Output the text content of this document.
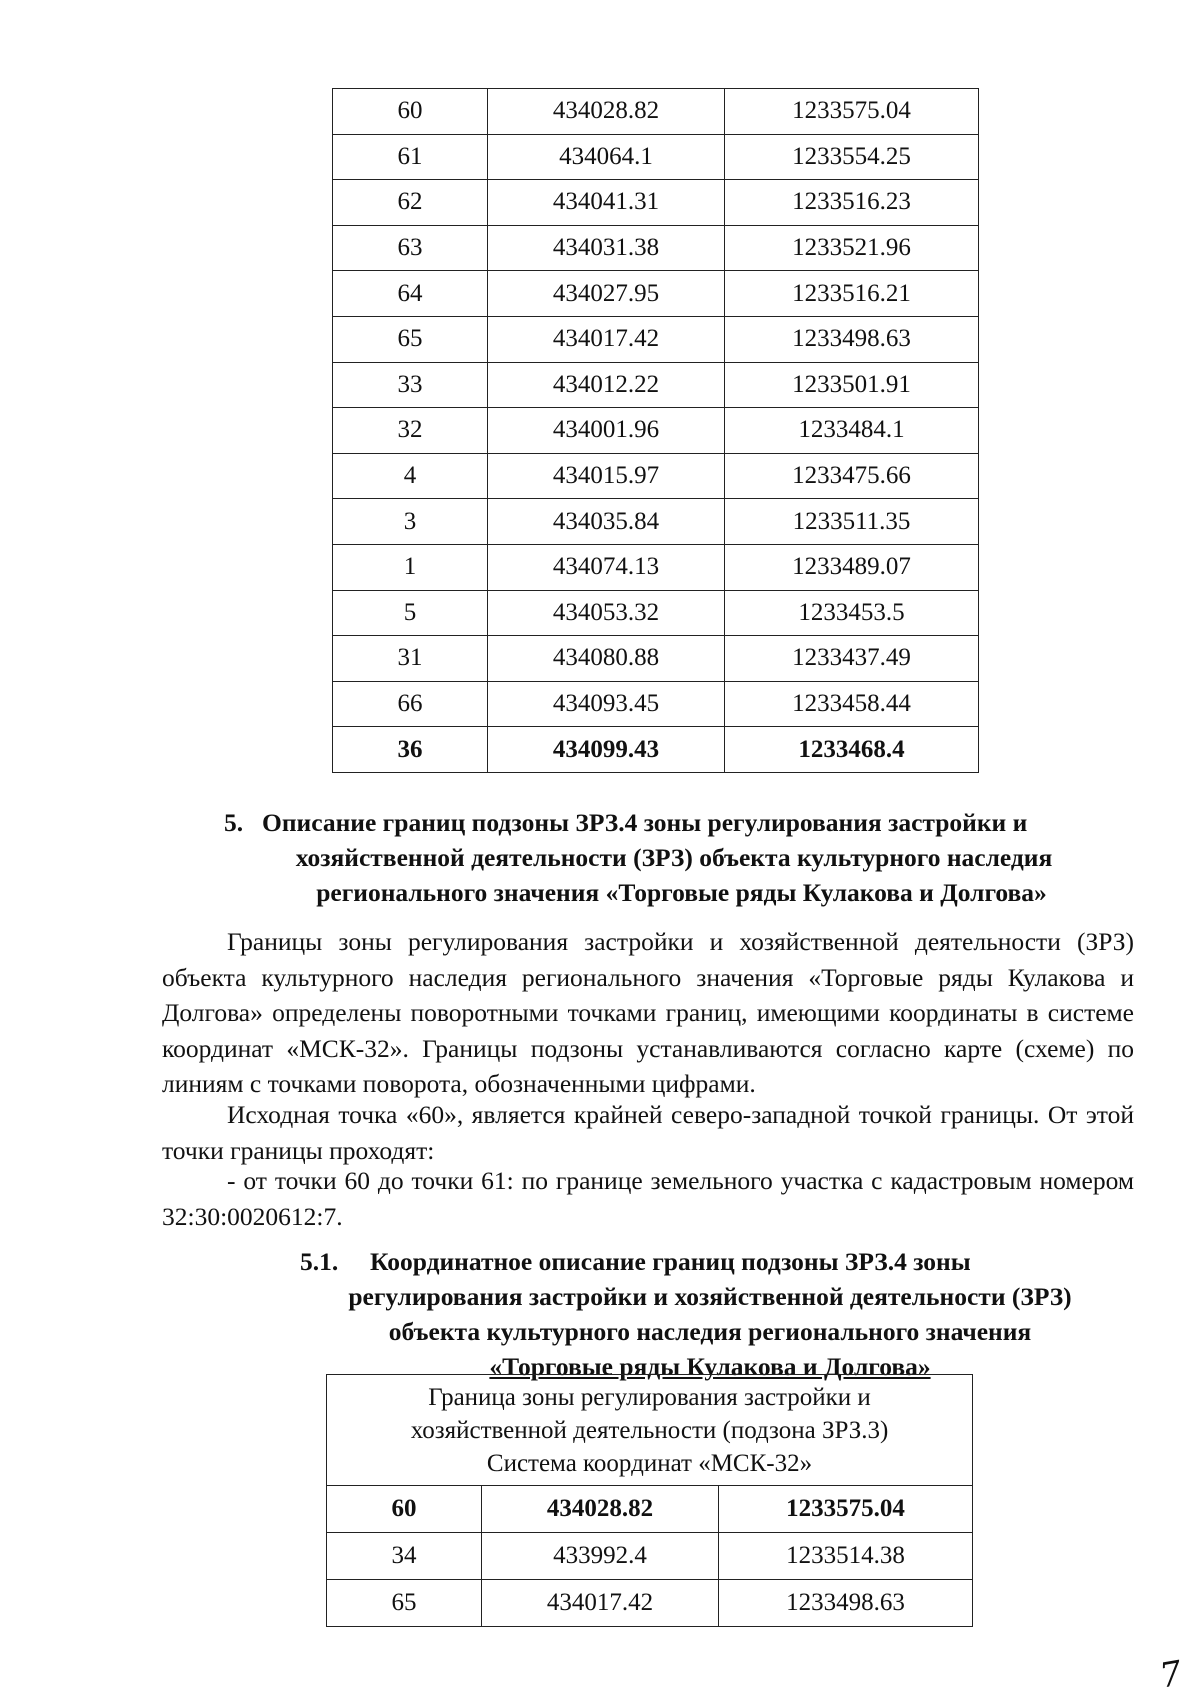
60	434028.82	1233575.04
61	434064.1	1233554.25
62	434041.31	1233516.23
63	434031.38	1233521.96
64	434027.95	1233516.21
65	434017.42	1233498.63
33	434012.22	1233501.91
32	434001.96	1233484.1
4	434015.97	1233475.66
3	434035.84	1233511.35
1	434074.13	1233489.07
5	434053.32	1233453.5
31	434080.88	1233437.49
66	434093.45	1233458.44
36	434099.43	1233468.4
5. Описание границ подзоны ЗРЗ.4 зоны регулирования застройки и
хозяйственной деятельности (ЗРЗ) объекта культурного наследия
регионального значения «Торговые ряды Кулакова и Долгова»
Границы зоны регулирования застройки и хозяйственной деятельности (ЗРЗ) объекта культурного наследия регионального значения «Торговые ряды Кулакова и Долгова» определены поворотными точками границ, имеющими координаты в системе координат «МСК-32». Границы подзоны устанавливаются согласно карте (схеме) по линиям с точками поворота, обозначенными цифрами.
Исходная точка «60», является крайней северо-западной точкой границы. От этой точки границы проходят:
- от точки 60 до точки 61: по границе земельного участка с кадастровым номером 32:30:0020612:7.
5.1. Координатное описание границ подзоны ЗРЗ.4 зоны
регулирования застройки и хозяйственной деятельности (ЗРЗ)
объекта культурного наследия регионального значения
«Торговые ряды Кулакова и Долгова»
Граница зоны регулирования застройки и
хозяйственной деятельности (подзона ЗРЗ.3)
Система координат «МСК-32»		

60	434028.82	1233575.04
34	433992.4	1233514.38
65	434017.42	1233498.63
7
